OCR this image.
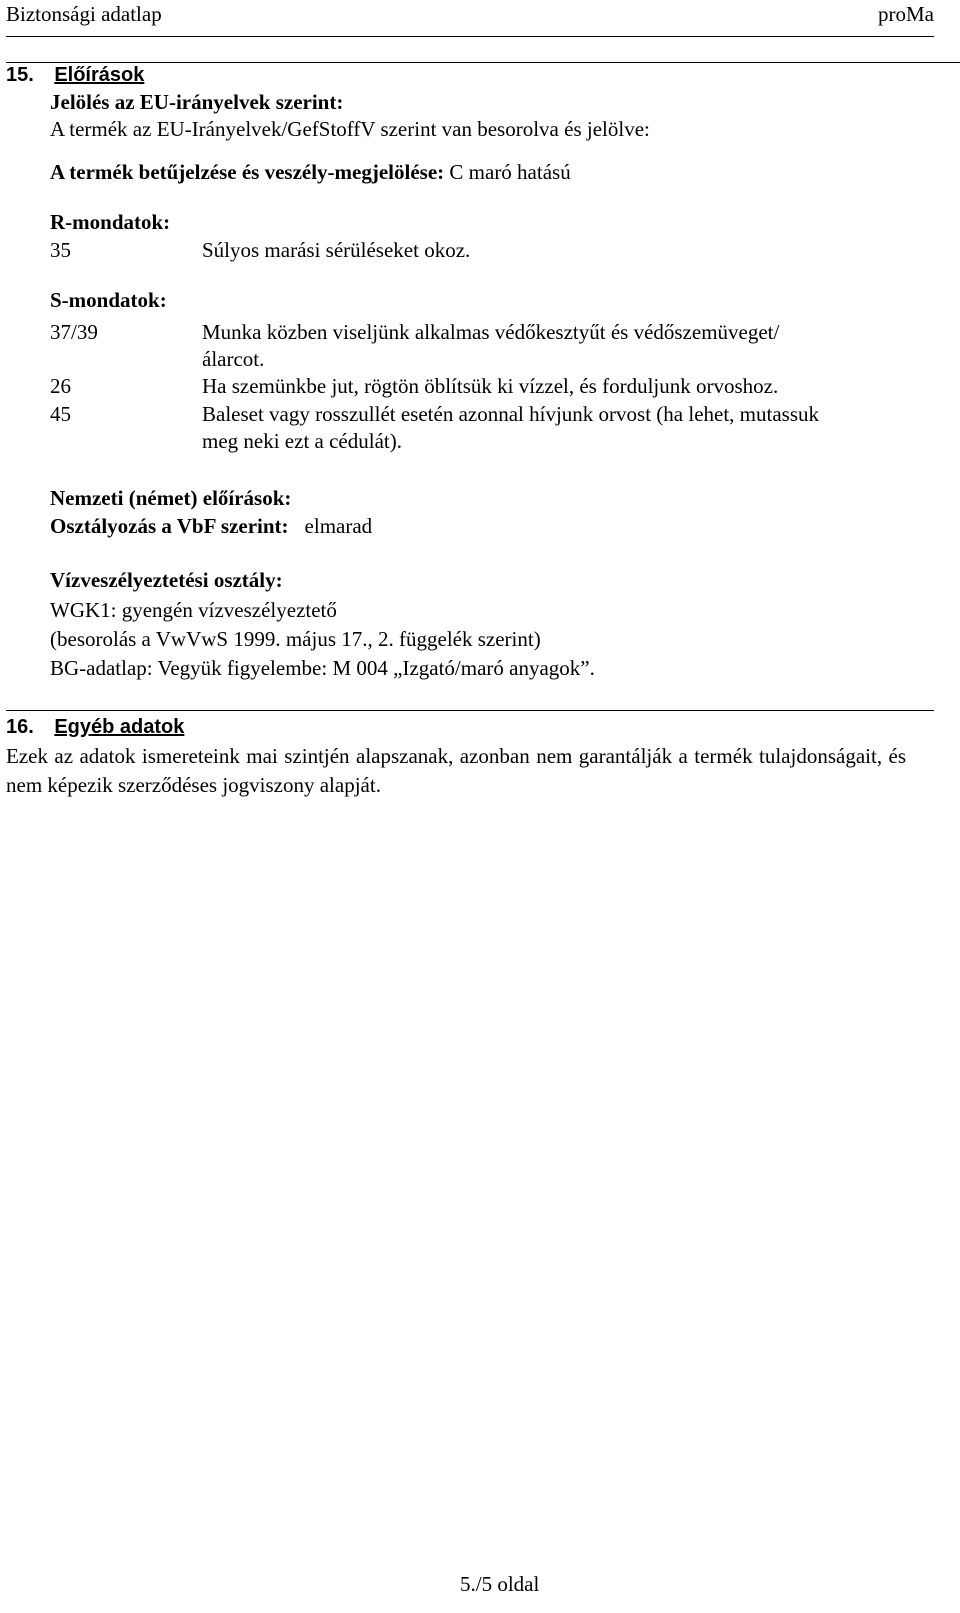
Biztonsági adatlap	proMa
15. Előírások
Jelölés az EU-irányelvek szerint:
A termék az EU-Irányelvek/GefStoffV szerint van besorolva és jelölve:
A termék betűjelzése és veszély-megjelölése: C maró hatású
R-mondatok:
35	Súlyos marási sérüléseket okoz.
S-mondatok:
37/39	Munka közben viseljünk alkalmas védőkesztyűt és védőszemüveget/
álarcot.
26	Ha szemünkbe jut, rögtön öblítsük ki vízzel, és forduljunk orvoshoz.
45	Baleset vagy rosszullét esetén azonnal hívjunk orvost (ha lehet, mutassuk
meg neki ezt a cédulát).
Nemzeti (német) előírások:
Osztályozás a VbF szerint: elmarad
Vízveszélyeztetési osztály:
WGK1: gyengén vízveszélyeztető
(besorolás a VwVwS 1999. május 17., 2. függelék szerint)
BG-adatlap: Vegyük figyelembe: M 004 „Izgató/maró anyagok”.
16. Egyéb adatok
Ezek az adatok ismereteink mai szintjén alapszanak, azonban nem garantálják a termék tulajdonságait, és nem képezik szerződéses jogviszony alapját.
5./5 oldal
